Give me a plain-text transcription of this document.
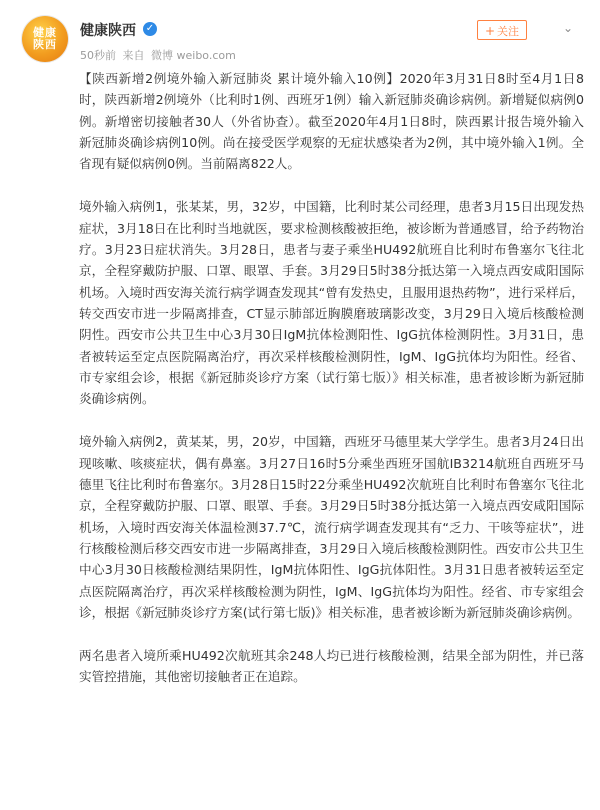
健康陕西
健康陕西 ✓
50秒前 来自 微博 weibo.com
+ 关注	⌄

【陕西新增2例境外输入新冠肺炎 累计境外输入10例】2020年3月31日8时至4月1日8时，陕西新增2例境外（比利时1例、西班牙1例）输入新冠肺炎确诊病例。新增疑似病例0例。新增密切接触者30人（外省协查）。截至2020年4月1日8时，陕西累计报告境外输入新冠肺炎确诊病例10例。尚在接受医学观察的无症状感染者为2例，其中境外输入1例。全省现有疑似病例0例。当前隔离822人。

境外输入病例1，张某某，男，32岁，中国籍，比利时某公司经理，患者3月15日出现发热症状，3月18日在比利时当地就医，要求检测核酸被拒绝，被诊断为普通感冒，给予药物治疗。3月23日症状消失。3月28日，患者与妻子乘坐HU492航班自比利时布鲁塞尔飞往北京，全程穿戴防护服、口罩、眼罩、手套。3月29日5时38分抵达第一入境点西安咸阳国际机场。入境时西安海关流行病学调查发现其“曾有发热史，且服用退热药物”，进行采样后，转交西安市进一步隔离排查，CT显示肺部近胸膜磨玻璃影改变，3月29日入境后核酸检测阴性。西安市公共卫生中心3月30日IgM抗体检测阳性、IgG抗体检测阴性。3月31日，患者被转运至定点医院隔离治疗，再次采样核酸检测阴性，IgM、IgG抗体均为阳性。经省、市专家组会诊，根据《新冠肺炎诊疗方案（试行第七版）》相关标准，患者被诊断为新冠肺炎确诊病例。

境外输入病例2，黄某某，男，20岁，中国籍，西班牙马德里某大学学生。患者3月24日出现咳嗽、咳痰症状，偶有鼻塞。3月27日16时5分乘坐西班牙国航IB3214航班自西班牙马德里飞往比利时布鲁塞尔。3月28日15时22分乘坐HU492次航班自比利时布鲁塞尔飞往北京，全程穿戴防护服、口罩、眼罩、手套。3月29日5时38分抵达第一入境点西安咸阳国际机场，入境时西安海关体温检测37.7℃，流行病学调查发现其有“乏力、干咳等症状”，进行核酸检测后移交西安市进一步隔离排查，3月29日入境后核酸检测阴性。西安市公共卫生中心3月30日核酸检测结果阴性，IgM抗体阳性、IgG抗体阳性。3月31日患者被转运至定点医院隔离治疗，再次采样核酸检测为阴性，IgM、IgG抗体均为阳性。经省、市专家组会诊，根据《新冠肺炎诊疗方案(试行第七版)》相关标准，患者被诊断为新冠肺炎确诊病例。

两名患者入境所乘HU492次航班其余248人均已进行核酸检测，结果全部为阴性，并已落实管控措施，其他密切接触者正在追踪。
